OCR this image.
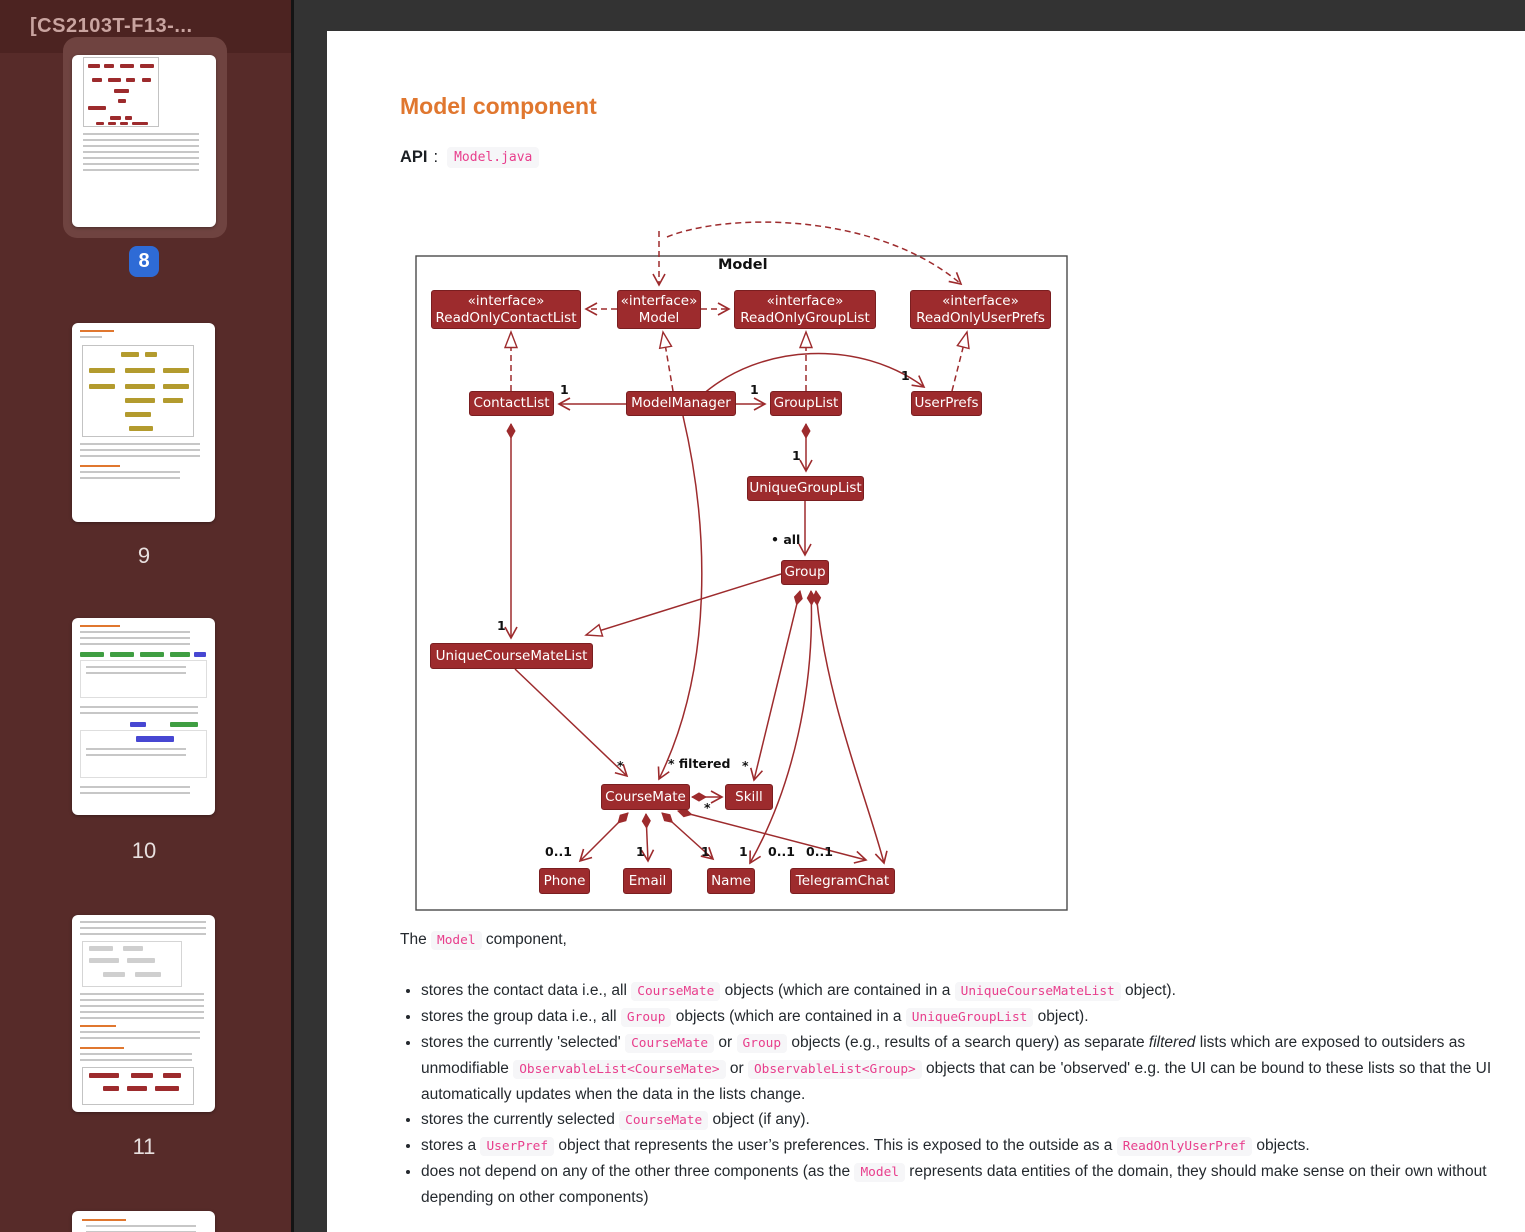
[CS2103T-F13-...
8
9
10
11
Model component

API :	Model.java

Model
«interface»
ReadOnlyContactList
«interface»
Model
«interface»
ReadOnlyGroupList
«interface»
ReadOnlyUserPrefs
ContactList	ModelManager	GroupList	UserPrefs
UniqueGroupList
Group
UniqueCourseMateList
CourseMate	Skill
Phone	Email	Name	TelegramChat
1	1
1
1
• all
1
*	* filtered *
*
0..1	1	1 1 0..1 0..1

The Model component,

• stores the contact data i.e., all CourseMate objects (which are contained in a UniqueCourseMateList object).
• stores the group data i.e., all Group objects (which are contained in a UniqueGroupList object).
• stores the currently 'selected' CourseMate or Group objects (e.g., results of a search query) as separate filtered lists which are exposed to outsiders as unmodifiable ObservableList<CourseMate> or ObservableList<Group> objects that can be 'observed' e.g. the UI can be bound to these lists so that the UI automatically updates when the data in the lists change.
• stores the currently selected CourseMate object (if any).
• stores a UserPref object that represents the user’s preferences. This is exposed to the outside as a ReadOnlyUserPref objects.
• does not depend on any of the other three components (as the Model represents data entities of the domain, they should make sense on their own without depending on other components)
